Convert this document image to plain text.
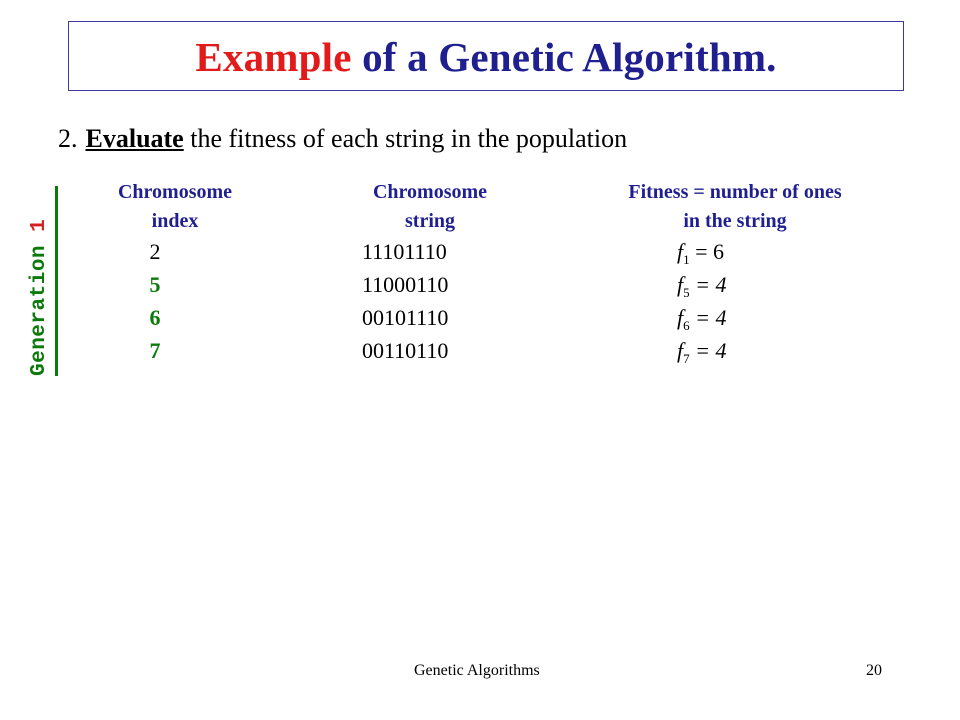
Example of a Genetic Algorithm.
2. Evaluate the fitness of each string in the population
Generation 1
Chromosome
index
Chromosome
string
Fitness = number of ones
in the string
2	11101110	$f_1 = 6$
5	11000110	$f_5 = 4$
6	00101110	$f_6 = 4$
7	00110110	$f_7 = 4$
Genetic Algorithms	20
